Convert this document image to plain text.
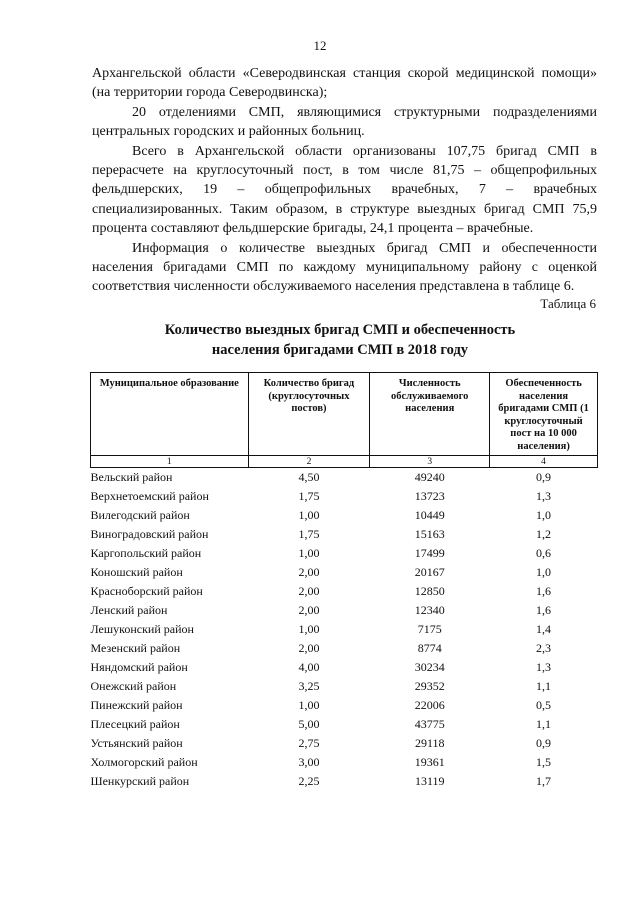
12

Архангельской области «Северодвинская станция скорой медицинской помощи» (на территории города Северодвинска);

20 отделениями СМП, являющимися структурными подразделениями центральных городских и районных больниц.

Всего в Архангельской области организованы 107,75 бригад СМП в перерасчете на круглосуточный пост, в том числе 81,75 – общепрофильных фельдшерских, 19 – общепрофильных врачебных, 7 – врачебных специализированных. Таким образом, в структуре выездных бригад СМП 75,9 процента составляют фельдшерские бригады, 24,1 процента – врачебные.

Информация о количестве выездных бригад СМП и обеспеченности населения бригадами СМП по каждому муниципальному району с оценкой соответствия численности обслуживаемого населения представлена в таблице 6.

Таблица 6
Количество выездных бригад СМП и обеспеченность
населения бригадами СМП в 2018 году
Муниципальное образование	Количество бригад (круглосуточных постов)	Численность обслуживаемого населения	Обеспеченность населения бригадами СМП (1 круглосуточный пост на 10 000 населения)
1	2	3	4
Вельский район	4,50	49240	0,9
Верхнетоемский район	1,75	13723	1,3
Вилегодский район	1,00	10449	1,0
Виноградовский район	1,75	15163	1,2
Каргопольский район	1,00	17499	0,6
Коношский район	2,00	20167	1,0
Красноборский район	2,00	12850	1,6
Ленский район	2,00	12340	1,6
Лешуконский район	1,00	7175	1,4
Мезенский район	2,00	8774	2,3
Няндомский район	4,00	30234	1,3
Онежский район	3,25	29352	1,1
Пинежский район	1,00	22006	0,5
Плесецкий район	5,00	43775	1,1
Устьянский район	2,75	29118	0,9
Холмогорский район	3,00	19361	1,5
Шенкурский район	2,25	13119	1,7
